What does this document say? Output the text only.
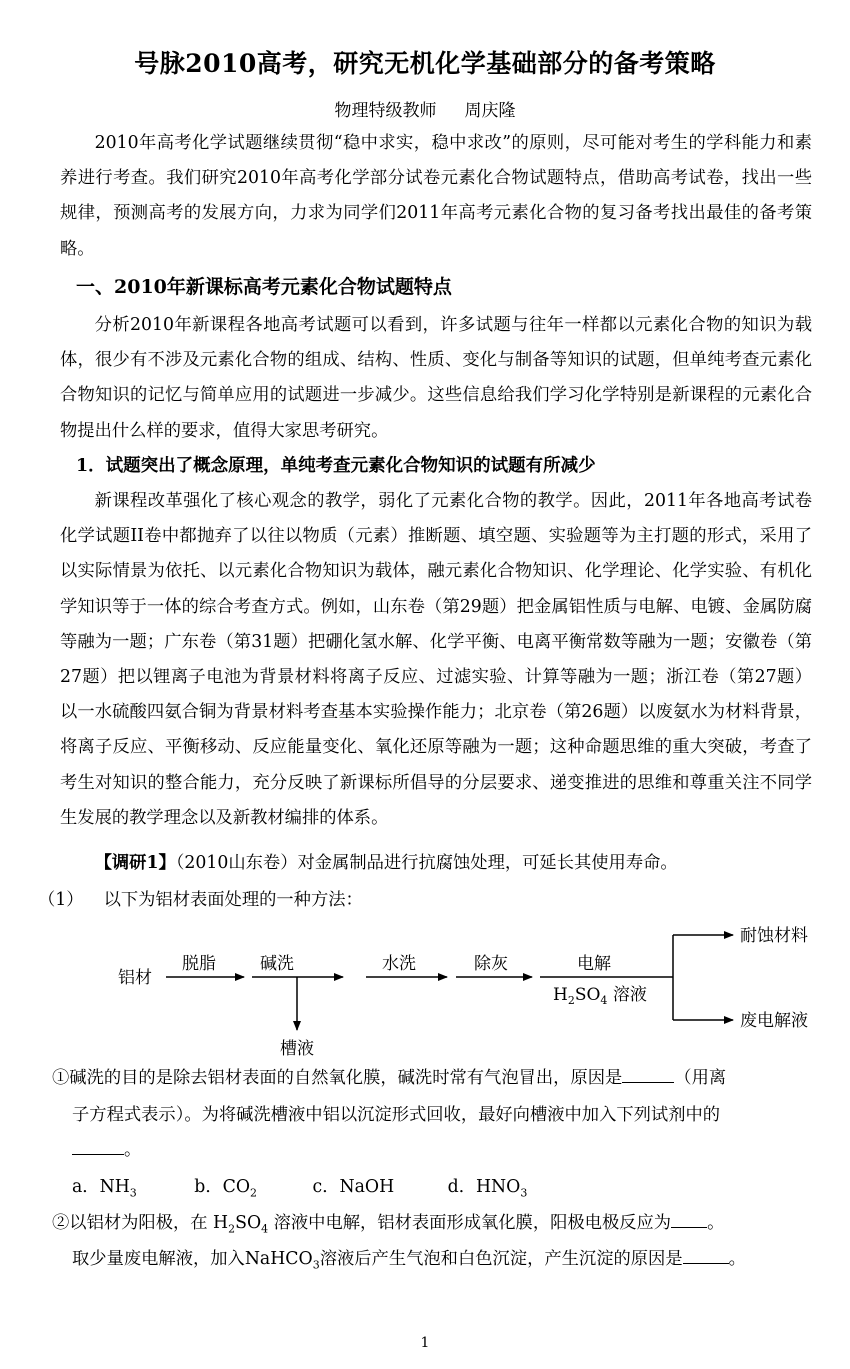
号脉2010高考，研究无机化学基础部分的备考策略
物理特级教师 周庆隆

2010年高考化学试题继续贯彻“稳中求实，稳中求改”的原则，尽可能对考生的学科能力和素养进行考查。我们研究2010年高考化学部分试卷元素化合物试题特点，借助高考试卷，找出一些规律，预测高考的发展方向，力求为同学们2011年高考元素化合物的复习备考找出最佳的备考策略。

一、2010年新课标高考元素化合物试题特点

分析2010年新课程各地高考试题可以看到，许多试题与往年一样都以元素化合物的知识为载体，很少有不涉及元素化合物的组成、结构、性质、变化与制备等知识的试题，但单纯考查元素化合物知识的记忆与简单应用的试题进一步减少。这些信息给我们学习化学特别是新课程的元素化合物提出什么样的要求，值得大家思考研究。

1．试题突出了概念原理，单纯考查元素化合物知识的试题有所减少

新课程改革强化了核心观念的教学，弱化了元素化合物的教学。因此，2011年各地高考试卷化学试题II卷中都抛弃了以往以物质（元素）推断题、填空题、实验题等为主打题的形式，采用了以实际情景为依托、以元素化合物知识为载体，融元素化合物知识、化学理论、化学实验、有机化学知识等于一体的综合考查方式。例如，山东卷（第29题）把金属铝性质与电解、电镀、金属防腐等融为一题；广东卷（第31题）把硼化氢水解、化学平衡、电离平衡常数等融为一题；安徽卷（第27题）把以锂离子电池为背景材料将离子反应、过滤实验、计算等融为一题；浙江卷（第27题）以一水硫酸四氨合铜为背景材料考查基本实验操作能力；北京卷（第26题）以废氨水为材料背景，将离子反应、平衡移动、反应能量变化、氧化还原等融为一题；这种命题思维的重大突破，考查了考生对知识的整合能力，充分反映了新课标所倡导的分层要求、递变推进的思维和尊重关注不同学生发展的教学理念以及新教材编排的体系。

【调研1】（2010山东卷）对金属制品进行抗腐蚀处理，可延长其使用寿命。
（1） 以下为铝材表面处理的一种方法：
铝材
脱脂	碱洗
槽液
水洗	除灰	电解
$H_2SO_4$ 溶液
耐蚀材料
废电解液
①碱洗的目的是除去铝材表面的自然氧化膜，碱洗时常有气泡冒出，原因是	（用离
子方程式表示）。为将碱洗槽液中铝以沉淀形式回收，最好向槽液中加入下列试剂中的
。
a．$NH_3$	b．$CO_2$	c．NaOH	d．$HNO_3$
②以铝材为阳极，在 $H_2SO_4$ 溶液中电解，铝材表面形成氧化膜，阳极电极反应为 。
取少量废电解液，加入NaHCO$_3$溶液后产生气泡和白色沉淀，产生沉淀的原因是	。
1
